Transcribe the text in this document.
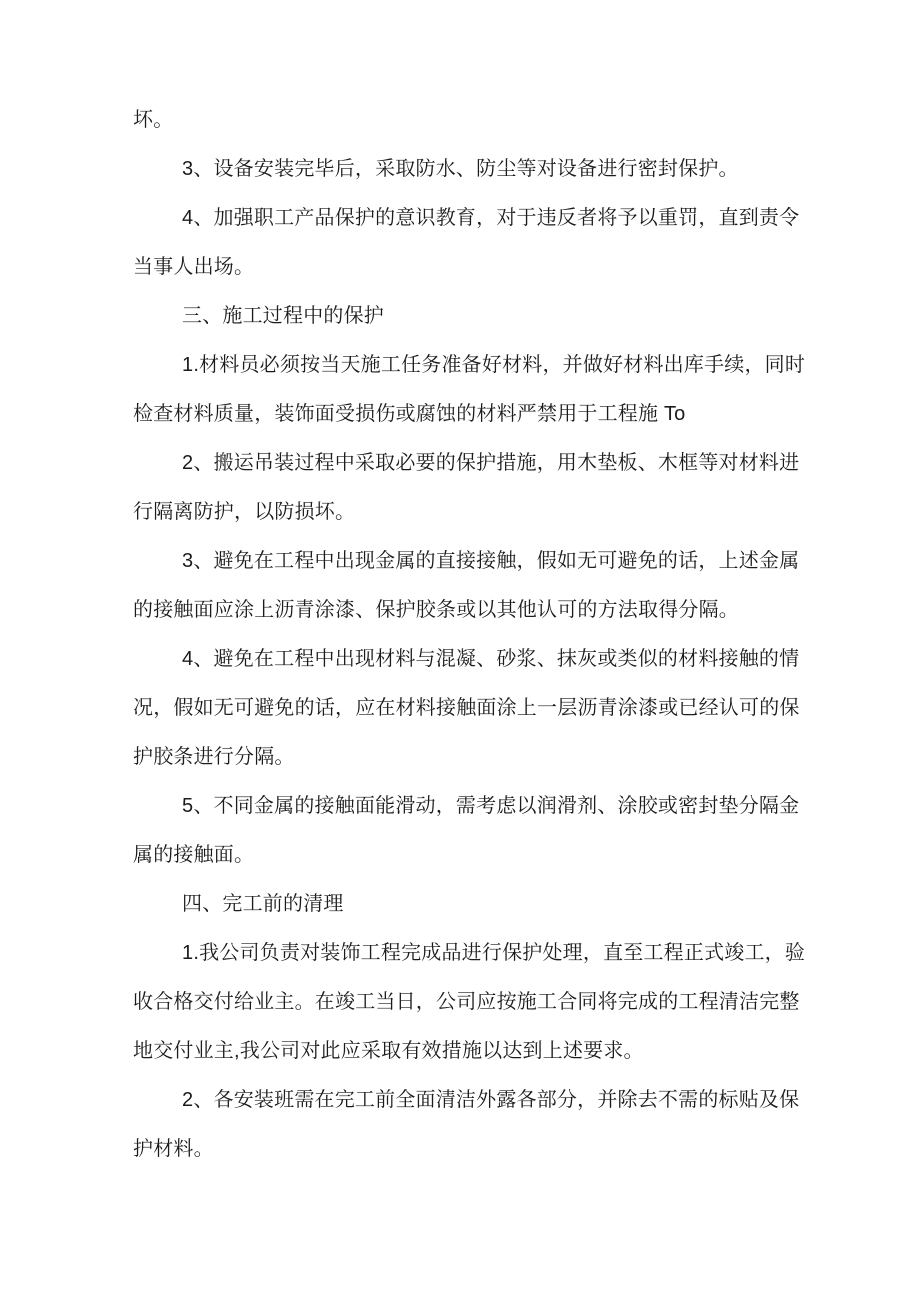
坏。
3、设备安装完毕后，采取防水、防尘等对设备进行密封保护。
4、加强职工产品保护的意识教育，对于违反者将予以重罚，直到责令
当事人出场。
三、施工过程中的保护
1.材料员必须按当天施工任务准备好材料，并做好材料出库手续，同时
检查材料质量，装饰面受损伤或腐蚀的材料严禁用于工程施 To
2、搬运吊装过程中采取必要的保护措施，用木垫板、木框等对材料进
行隔离防护，以防损坏。
3、避免在工程中出现金属的直接接触，假如无可避免的话，上述金属
的接触面应涂上沥青涂漆、保护胶条或以其他认可的方法取得分隔。
4、避免在工程中出现材料与混凝、砂浆、抹灰或类似的材料接触的情
况，假如无可避免的话，应在材料接触面涂上一层沥青涂漆或已经认可的保
护胶条进行分隔。
5、不同金属的接触面能滑动，需考虑以润滑剂、涂胶或密封垫分隔金
属的接触面。
四、完工前的清理
1.我公司负责对装饰工程完成品进行保护处理，直至工程正式竣工，验
收合格交付给业主。在竣工当日，公司应按施工合同将完成的工程清洁完整
地交付业主,我公司对此应采取有效措施以达到上述要求。
2、各安装班需在完工前全面清洁外露各部分，并除去不需的标贴及保
护材料。
